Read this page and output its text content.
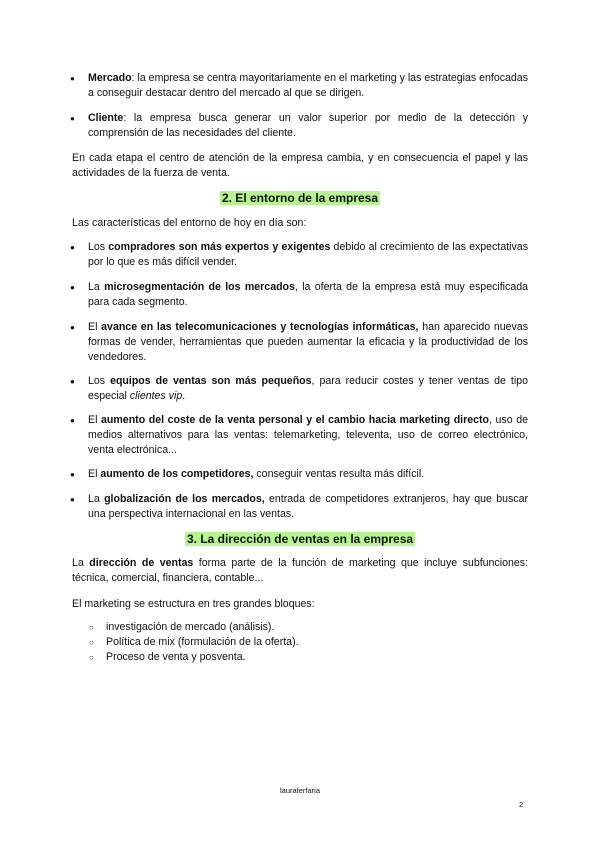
● Mercado: la empresa se centra mayoritariamente en el marketing y las estrategias enfocadas a conseguir destacar dentro del mercado al que se dirigen.
● Cliente: la empresa busca generar un valor superior por medio de la detección y comprensión de las necesidades del cliente.
En cada etapa el centro de atención de la empresa cambia, y en consecuencia el papel y las actividades de la fuerza de venta.
2. El entorno de la empresa
Las características del entorno de hoy en día son:
● Los compradores son más expertos y exigentes debido al crecimiento de las expectativas por lo que es más difícil vender.
● La microsegmentación de los mercados, la oferta de la empresa está muy especificada para cada segmento.
● El avance en las telecomunicaciones y tecnologías informáticas, han aparecido nuevas formas de vender, herramientas que pueden aumentar la eficacia y la productividad de los vendedores.
● Los equipos de ventas son más pequeños, para reducir costes y tener ventas de tipo especial clientes vip.
● El aumento del coste de la venta personal y el cambio hacia marketing directo, uso de medios alternativos para las ventas: telemarketing, televenta, uso de correo electrónico, venta electrónica...
● El aumento de los competidores, conseguir ventas resulta más difícil.
● La globalización de los mercados, entrada de competidores extranjeros, hay que buscar una perspectiva internacional en las ventas.
3. La dirección de ventas en la empresa
La dirección de ventas forma parte de la función de marketing que incluye subfunciones: técnica, comercial, financiera, contable...
El marketing se estructura en tres grandes bloques:
○ investigación de mercado (análisis).
○ Política de mix (formulación de la oferta).
○ Proceso de venta y posventa.
lauraferfaria
2
